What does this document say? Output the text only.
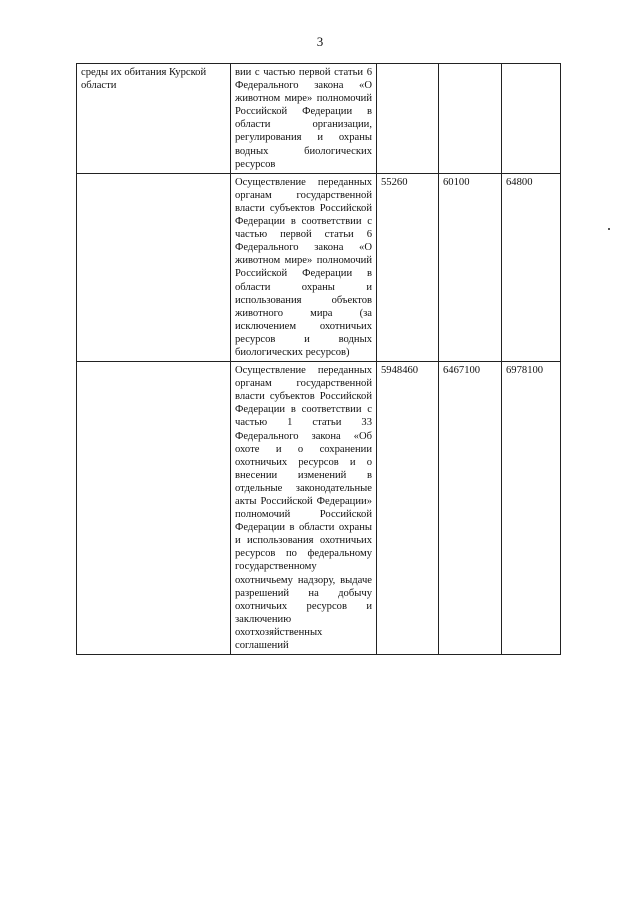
3
среды их обитания Курской области	вии с частью первой статьи 6 Федерального закона «О животном мире» полномочий Российской Федерации в области организации, регулирования и охраны водных биологических ресурсов			
	Осуществление переданных органам государственной власти субъектов Российской Федерации в соответствии с частью первой статьи 6 Федерального закона «О животном мире» полномочий Российской Федерации в области охраны и использования объектов животного мира (за исключением охотничьих ресурсов и водных биологических ресурсов)	55260	60100	64800
	Осуществление переданных органам государственной власти субъектов Российской Федерации в соответствии с частью 1 статьи 33 Федерального закона «Об охоте и о сохранении охотничьих ресурсов и о внесении изменений в отдельные законодательные акты Российской Федерации» полномочий Российской Федерации в области охраны и использования охотничьих ресурсов по федеральному государственному охотничьему надзору, выдаче разрешений на добычу охотничьих ресурсов и заключению охотхозяйственных соглашений	5948460	6467100	6978100
